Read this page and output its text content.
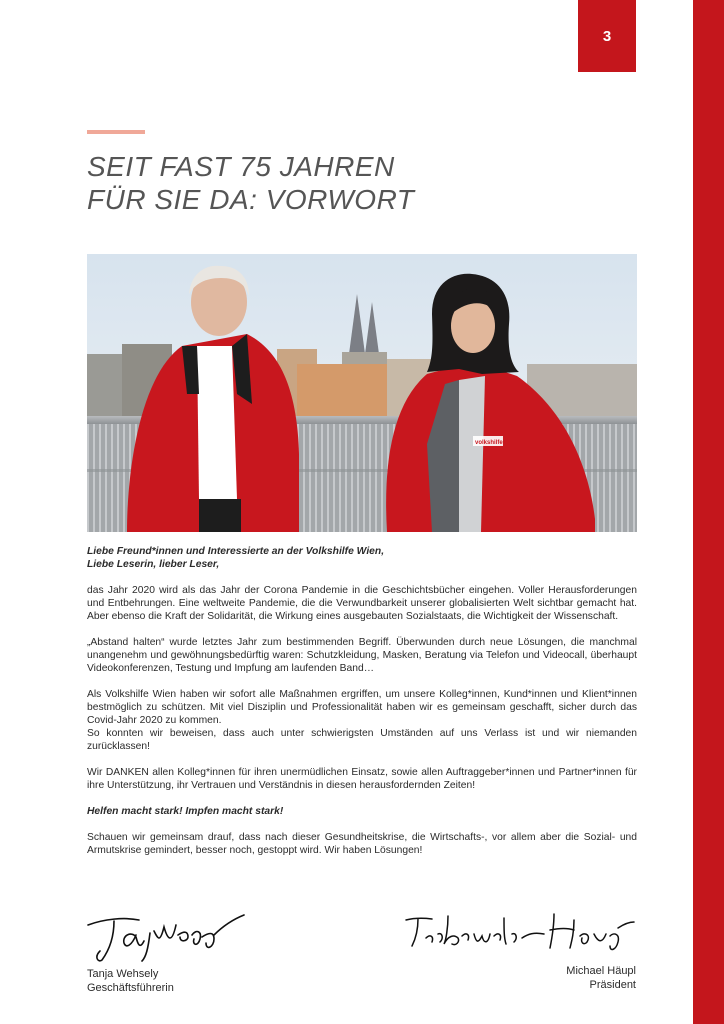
3
SEIT FAST 75 JAHREN
FÜR SIE DA: VORWORT
volkshilfe

Liebe Freund*innen und Interessierte an der Volkshilfe Wien,
Liebe Leserin, lieber Leser,

das Jahr 2020 wird als das Jahr der Corona Pandemie in die Geschichtsbücher eingehen. Voller Herausforderungen und Entbehrungen. Eine weltweite Pandemie, die die Verwundbarkeit unserer globalisierten Welt sichtbar gemacht hat. Aber ebenso die Kraft der Solidarität, die Wirkung eines ausgebauten Sozialstaats, die Wichtigkeit der Wissenschaft.

„Abstand halten“ wurde letztes Jahr zum bestimmenden Begriff. Überwunden durch neue Lösungen, die manchmal unangenehm und gewöhnungsbedürftig waren: Schutzkleidung, Masken, Beratung via Telefon und Videocall, überhaupt Videokonferenzen, Testung und Impfung am laufenden Band…

Als Volkshilfe Wien haben wir sofort alle Maßnahmen ergriffen, um unsere Kolleg*innen, Kund*innen und Klient*innen bestmöglich zu schützen. Mit viel Disziplin und Professionalität haben wir es gemeinsam geschafft, sicher durch das Covid-Jahr 2020 zu kommen.

So konnten wir beweisen, dass auch unter schwierigsten Umständen auf uns Verlass ist und wir niemanden zurücklassen!

Wir DANKEN allen Kolleg*innen für ihren unermüdlichen Einsatz, sowie allen Auftraggeber*innen und Partner*innen für ihre Unterstützung, ihr Vertrauen und Verständnis in diesen herausfordernden Zeiten!

Helfen macht stark! Impfen macht stark!

Schauen wir gemeinsam drauf, dass nach dieser Gesundheitskrise, die Wirtschafts-, vor allem aber die Sozial- und Armutskrise gemindert, besser noch, gestoppt wird. Wir haben Lösungen!

Tanja Wehsely
Geschäftsführerin
Michael Häupl
Präsident
